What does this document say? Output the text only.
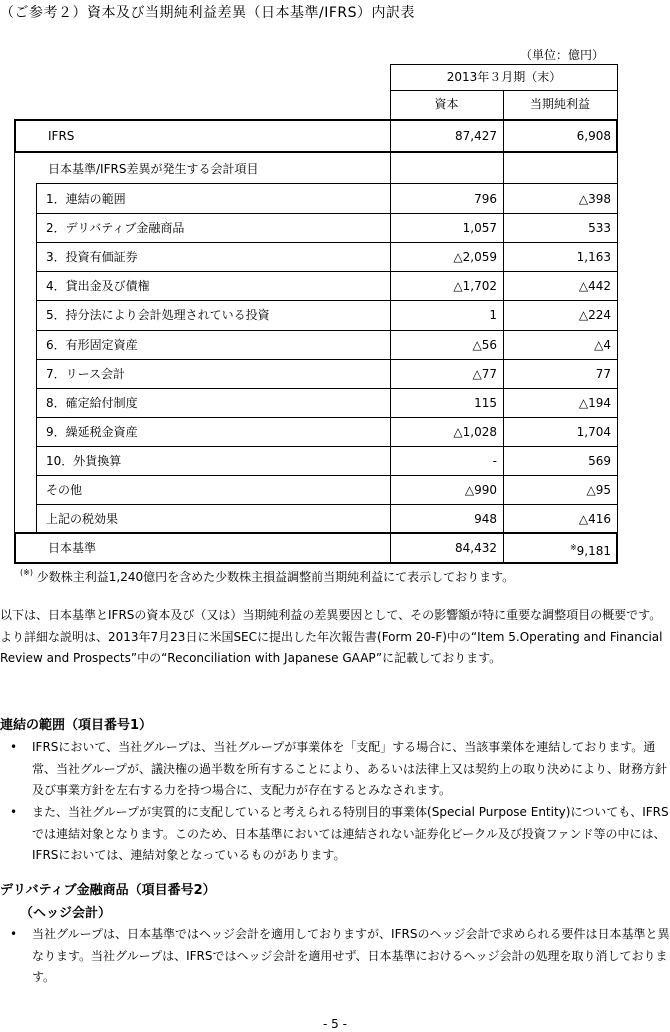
（ご参考２）資本及び当期純利益差異（日本基準/IFRS）内訳表
（単位：億円）
2013年３月期（末）
資本	当期純利益
IFRS	87,427	6,908
日本基準/IFRS差異が発生する会計項目
1．連結の範囲	796	△398
2．デリバティブ金融商品	1,057	533
3．投資有価証券	△2,059	1,163
4．貸出金及び債権	△1,702	△442
5．持分法により会計処理されている投資	1	△224
6．有形固定資産	△56	△4
7．リース会計	△77	77
8．確定給付制度	115	△194
9．繰延税金資産	△1,028	1,704
10．外貨換算	-	569
その他	△990	△95
上記の税効果	948	△416
日本基準	84,432	※9,181
(※) 少数株主利益1,240億円を含めた少数株主損益調整前当期純利益にて表示しております。
以下は、日本基準とIFRSの資本及び（又は）当期純利益の差異要因として、その影響額が特に重要な調整項目の概要です。より詳細な説明は、2013年7月23日に米国SECに提出した年次報告書(Form 20-F)中の“Item 5.Operating and Financial Review and Prospects”中の“Reconciliation with Japanese GAAP”に記載しております。
連結の範囲（項目番号1）
• IFRSにおいて、当社グループは、当社グループが事業体を「支配」する場合に、当該事業体を連結しております。通常、当社グループが、議決権の過半数を所有することにより、あるいは法律上又は契約上の取り決めにより、財務方針及び事業方針を左右する力を持つ場合に、支配力が存在するとみなされます。
• また、当社グループが実質的に支配していると考えられる特別目的事業体(Special Purpose Entity)についても、IFRSでは連結対象となります。このため、日本基準においては連結されない証券化ビークル及び投資ファンド等の中には、IFRSにおいては、連結対象となっているものがあります。
デリバティブ金融商品（項目番号2）
（ヘッジ会計）
• 当社グループは、日本基準ではヘッジ会計を適用しておりますが、IFRSのヘッジ会計で求められる要件は日本基準と異なります。当社グループは、IFRSではヘッジ会計を適用せず、日本基準におけるヘッジ会計の処理を取り消しております。
- 5 -
